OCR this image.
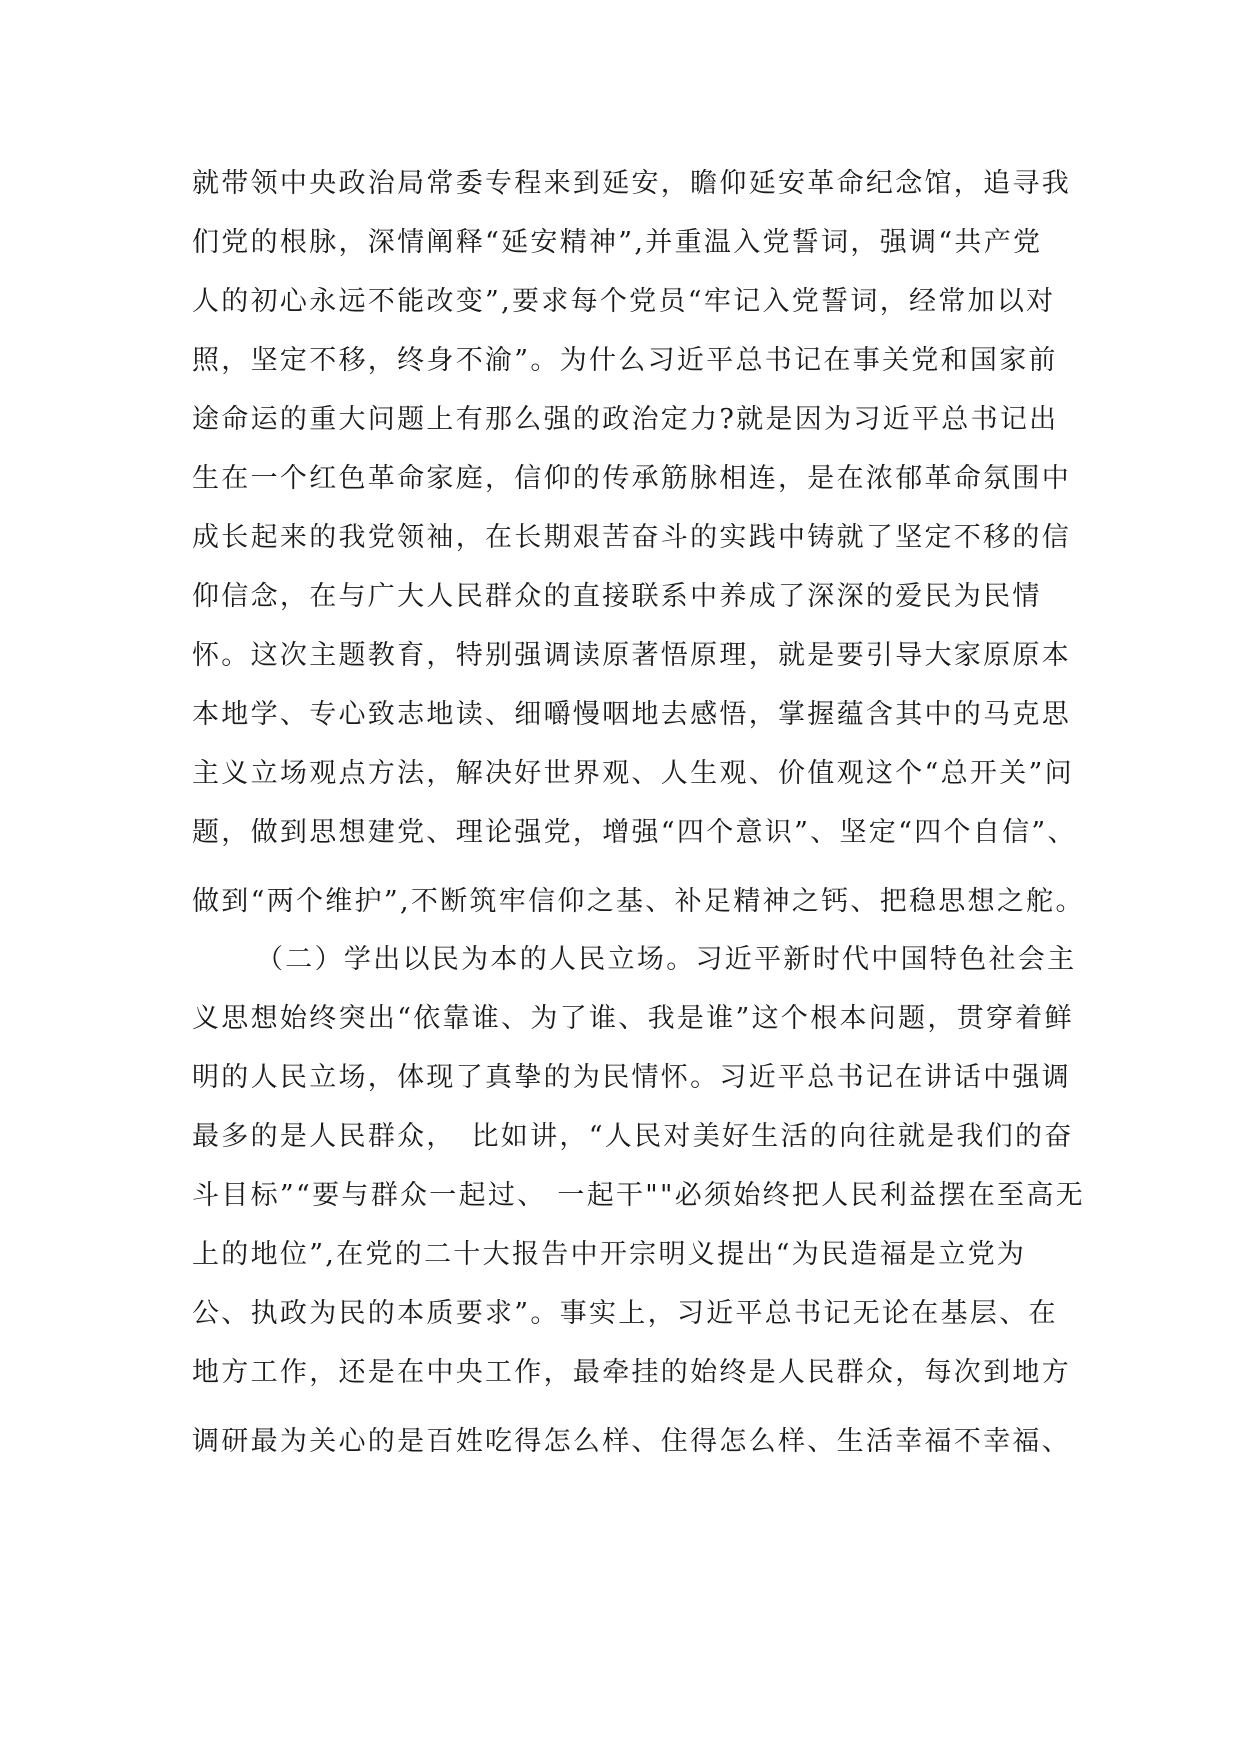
就带领中央政治局常委专程来到延安，瞻仰延安革命纪念馆，追寻我

们党的根脉，深情阐释“延安精神”,并重温入党誓词，强调“共产党

人的初心永远不能改变”,要求每个党员“牢记入党誓词，经常加以对

照，坚定不移，终身不渝”。为什么习近平总书记在事关党和国家前

途命运的重大问题上有那么强的政治定力?就是因为习近平总书记出

生在一个红色革命家庭，信仰的传承筋脉相连，是在浓郁革命氛围中

成长起来的我党领袖，在长期艰苦奋斗的实践中铸就了坚定不移的信

仰信念，在与广大人民群众的直接联系中养成了深深的爱民为民情

怀。这次主题教育，特别强调读原著悟原理，就是要引导大家原原本

本地学、专心致志地读、细嚼慢咽地去感悟，掌握蕴含其中的马克思

主义立场观点方法，解决好世界观、人生观、价值观这个“总开关”问

题，做到思想建党、理论强党，增强“四个意识”、坚定“四个自信”、

做到“两个维护”,不断筑牢信仰之基、补足精神之钙、把稳思想之舵。

（二）学出以民为本的人民立场。习近平新时代中国特色社会主

义思想始终突出“依靠谁、为了谁、我是谁”这个根本问题，贯穿着鲜

明的人民立场，体现了真挚的为民情怀。习近平总书记在讲话中强调

最多的是人民群众，　比如讲，“人民对美好生活的向往就是我们的奋

斗目标”“要与群众一起过、 一起干""必须始终把人民利益摆在至高无

上的地位”,在党的二十大报告中开宗明义提出“为民造福是立党为

公、执政为民的本质要求”。事实上，习近平总书记无论在基层、在

地方工作，还是在中央工作，最牵挂的始终是人民群众，每次到地方

调研最为关心的是百姓吃得怎么样、住得怎么样、生活幸福不幸福、
